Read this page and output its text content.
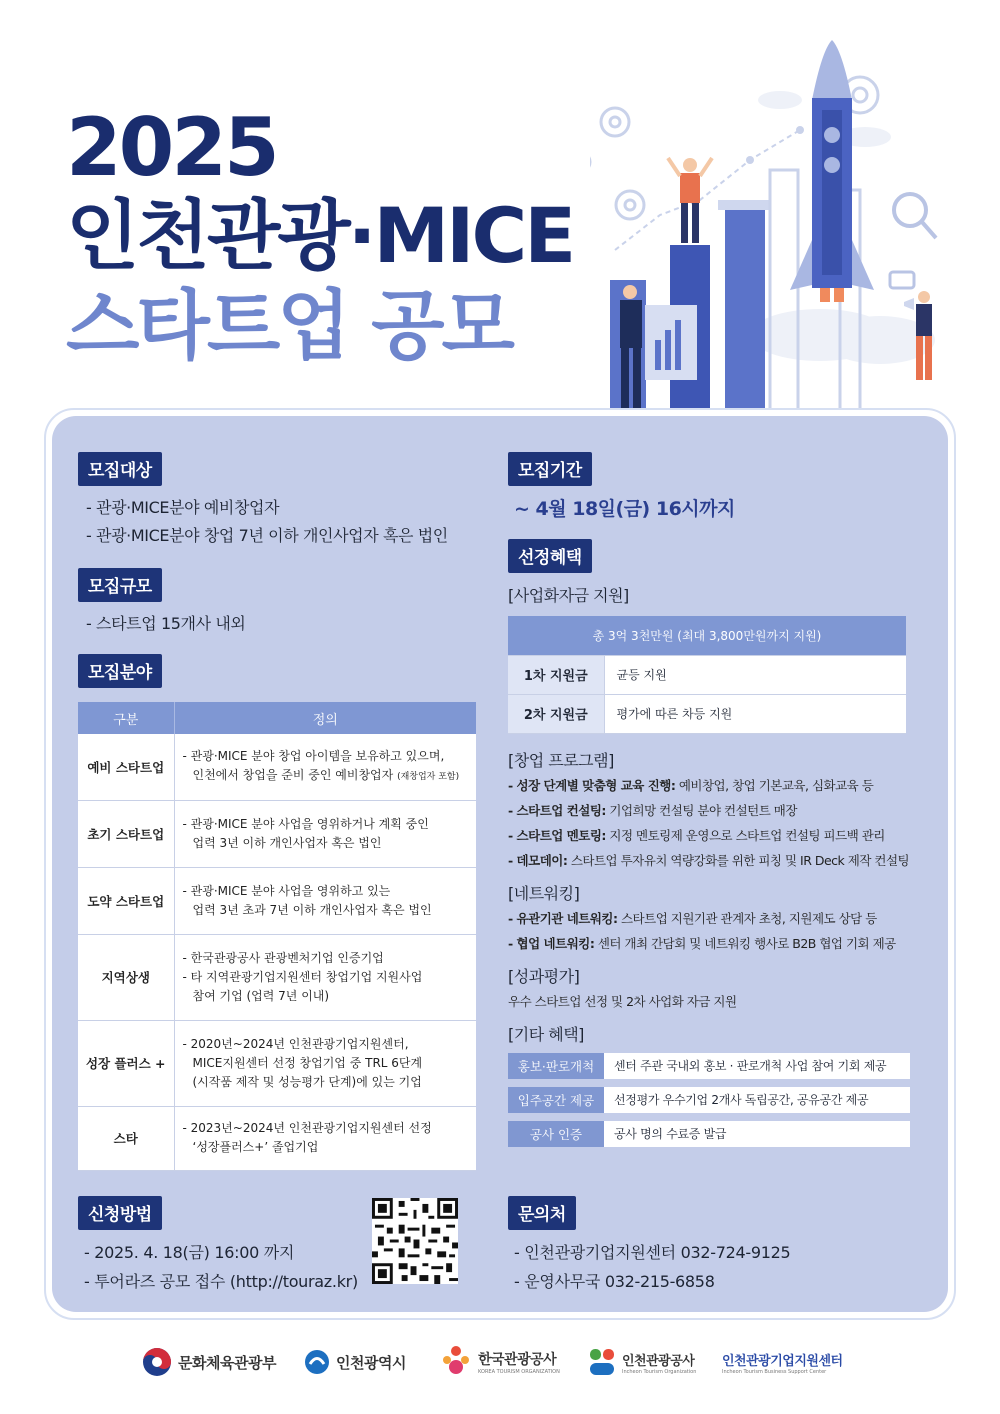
2025
인천관광·MICE
스타트업 공모
모집대상
- 관광·MICE분야 예비창업자
- 관광·MICE분야 창업 7년 이하 개인사업자 혹은 법인
모집규모
- 스타트업 15개사 내외
모집분야
구분	정의
예비 스타트업	- 관광·MICE 분야 창업 아이템을 보유하고 있으며,
인천에서 창업을 준비 중인 예비창업자 (재창업자 포함)

초기 스타트업	- 관광·MICE 분야 사업을 영위하거나 계획 중인
업력 3년 이하 개인사업자 혹은 법인

도약 스타트업	- 관광·MICE 분야 사업을 영위하고 있는
업력 3년 초과 7년 이하 개인사업자 혹은 법인

지역상생	- 한국관광공사 관광벤처기업 인증기업
- 타 지역관광기업지원센터 창업기업 지원사업
참여 기업 (업력 7년 이내)

성장 플러스 +	- 2020년~2024년 인천관광기업지원센터,
MICE지원센터 선정 창업기업 중 TRL 6단계
(시작품 제작 및 성능평가 단계)에 있는 기업

스타	- 2023년~2024년 인천관광기업지원센터 선정
‘성장플러스+’ 졸업기업
모집기간
~ 4월 18일(금) 16시까지
선정혜택
[사업화자금 지원]
총 3억 3천만원 (최대 3,800만원까지 지원)	
1차 지원금	균등 지원
2차 지원금	평가에 따른 차등 지원
[창업 프로그램]
- 성장 단계별 맞춤형 교육 진행: 예비창업, 창업 기본교육, 심화교육 등
- 스타트업 컨설팅: 기업희망 컨설팅 분야 컨설턴트 매장
- 스타트업 멘토링: 지정 멘토링제 운영으로 스타트업 컨설팅 피드백 관리
- 데모데이: 스타트업 투자유치 역량강화를 위한 피칭 및 IR Deck 제작 컨설팅
[네트워킹]
- 유관기관 네트워킹: 스타트업 지원기관 관계자 초청, 지원제도 상담 등
- 협업 네트워킹: 센터 개최 간담회 및 네트워킹 행사로 B2B 협업 기회 제공
[성과평가]
우수 스타트업 선정 및 2차 사업화 자금 지원
[기타 혜택]
홍보·판로개척	센터 주관 국내외 홍보 · 판로개척 사업 참여 기회 제공
입주공간 제공	선정평가 우수기업 2개사 독립공간, 공유공간 제공
공사 인증	공사 명의 수료증 발급
신청방법
- 2025. 4. 18(금) 16:00 까지
- 투어라즈 공모 접수 (http://touraz.kr)
문의처
- 인천관광기업지원센터 032-724-9125
- 운영사무국 032-215-6858
문화체육관광부	인천광역시	한국관광공사
KOREA TOURISM ORGANIZATION
인천관광공사
Incheon Tourism Organization
인천관광기업지원센터
Incheon Tourism Business Support Center
